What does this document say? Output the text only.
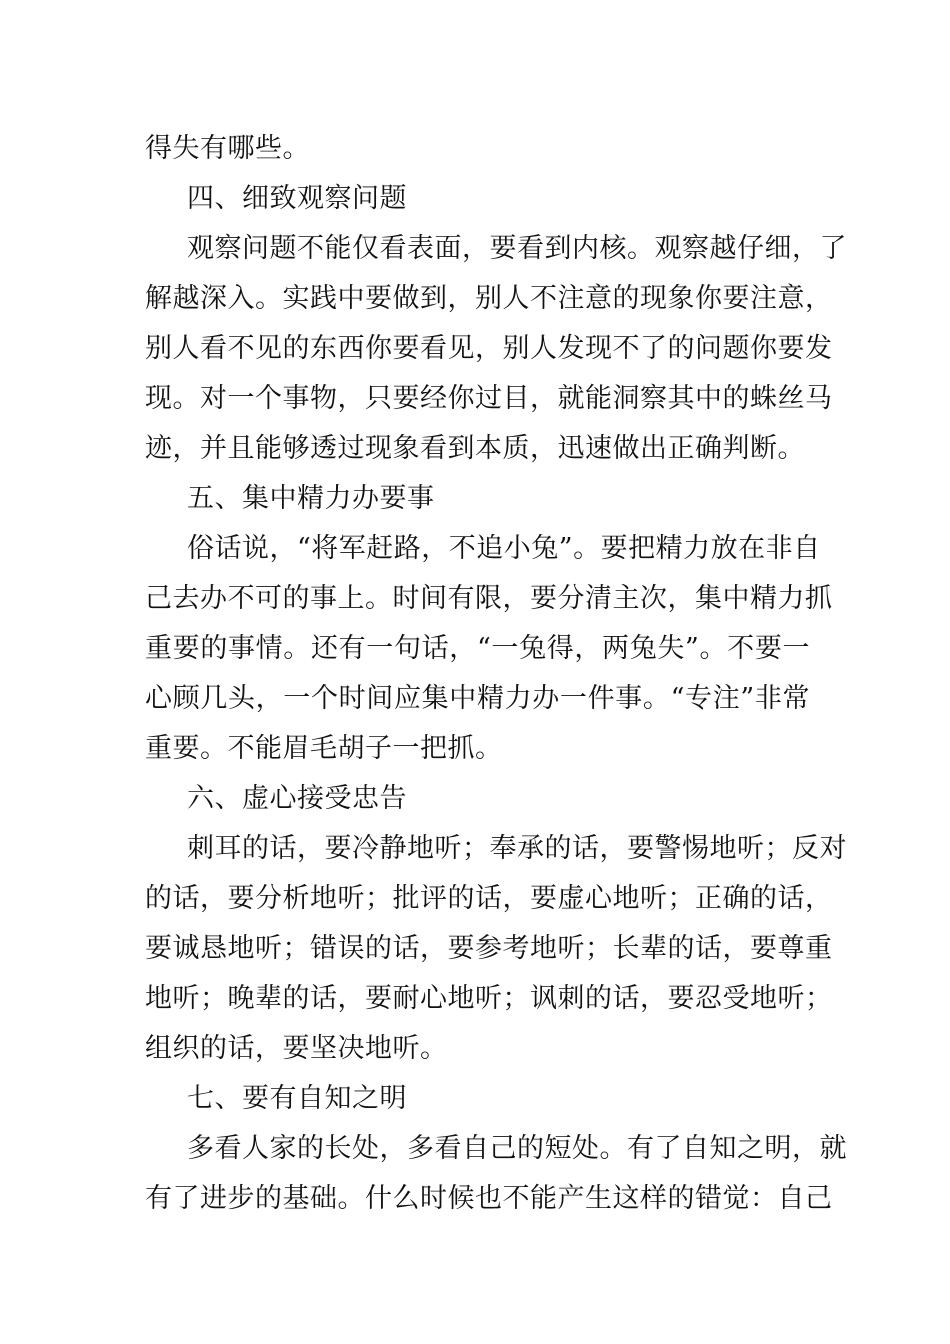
得失有哪些。
四、细致观察问题
观察问题不能仅看表面，要看到内核。观察越仔细，了
解越深入。实践中要做到，别人不注意的现象你要注意，
别人看不见的东西你要看见，别人发现不了的问题你要发
现。对一个事物，只要经你过目，就能洞察其中的蛛丝马
迹，并且能够透过现象看到本质，迅速做出正确判断。
五、集中精力办要事
俗话说，“将军赶路，不追小兔”。要把精力放在非自
己去办不可的事上。时间有限，要分清主次，集中精力抓
重要的事情。还有一句话，“一兔得，两兔失”。不要一
心顾几头，一个时间应集中精力办一件事。“专注”非常
重要。不能眉毛胡子一把抓。
六、虚心接受忠告
刺耳的话，要冷静地听；奉承的话，要警惕地听；反对
的话，要分析地听；批评的话，要虚心地听；正确的话，
要诚恳地听；错误的话，要参考地听；长辈的话，要尊重
地听；晚辈的话，要耐心地听；讽刺的话，要忍受地听；
组织的话，要坚决地听。
七、要有自知之明
多看人家的长处，多看自己的短处。有了自知之明，就
有了进步的基础。什么时候也不能产生这样的错觉：自己
